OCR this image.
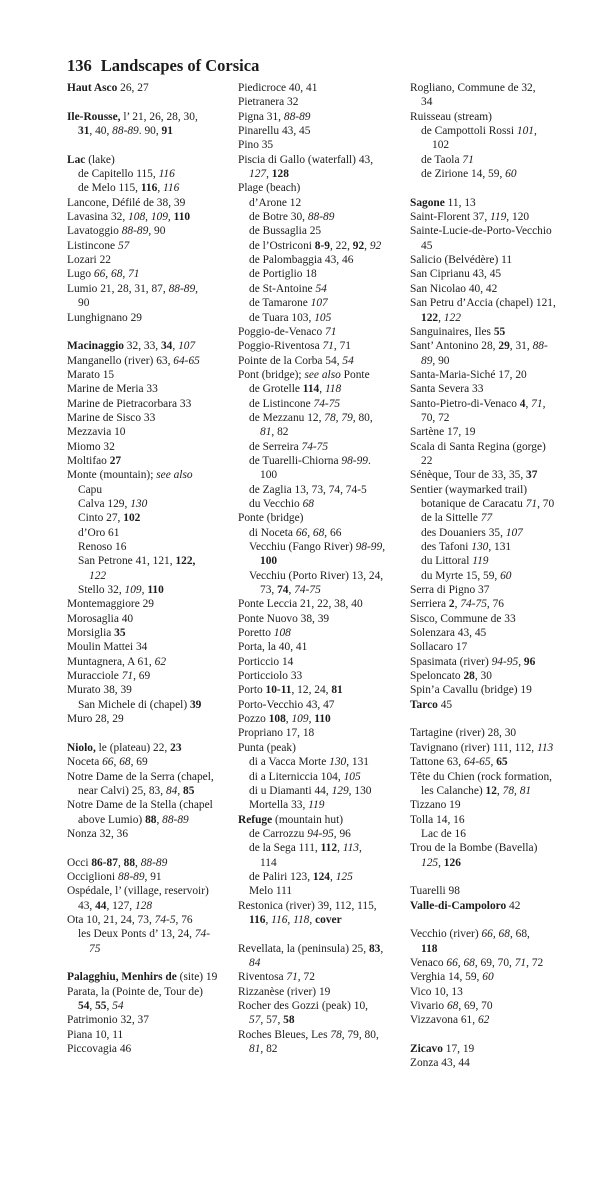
136 Landscapes of Corsica
Haut Asco 26, 27
Ile-Rousse, l’ 21, 26, 28, 30,
31, 40, 88-89. 90, 91
Lac (lake)
de Capitello 115, 116
de Melo 115, 116, 116
Lancone, Défilé de 38, 39
Lavasina 32, 108, 109, 110
Lavatoggio 88-89, 90
Listincone 57
Lozari 22
Lugo 66, 68, 71
Lumio 21, 28, 31, 87, 88-89,
90
Lunghignano 29
Macinaggio 32, 33, 34, 107
Manganello (river) 63, 64-65
Marato 15
Marine de Meria 33
Marine de Pietracorbara 33
Marine de Sisco 33
Mezzavia 10
Miomo 32
Moltifao 27
Monte (mountain); see also
Capu
Calva 129, 130
Cinto 27, 102
d’Oro 61
Renoso 16
San Petrone 41, 121, 122,
122
Stello 32, 109, 110
Montemaggiore 29
Morosaglia 40
Morsiglia 35
Moulin Mattei 34
Muntagnera, A 61, 62
Muracciole 71, 69
Murato 38, 39
San Michele di (chapel) 39
Muro 28, 29
Niolo, le (plateau) 22, 23
Noceta 66, 68, 69
Notre Dame de la Serra (chapel,
near Calvi) 25, 83, 84, 85
Notre Dame de la Stella (chapel
above Lumio) 88, 88-89
Nonza 32, 36
Occi 86-87, 88, 88-89
Occiglioni 88-89, 91
Ospédale, l’ (village, reservoir)
43, 44, 127, 128
Ota 10, 21, 24, 73, 74-5, 76
les Deux Ponts d’ 13, 24, 74-
75
Palagghiu, Menhirs de (site) 19
Parata, la (Pointe de, Tour de)
54, 55, 54
Patrimonio 32, 37
Piana 10, 11
Piccovagia 46
Piedicroce 40, 41
Pietranera 32
Pigna 31, 88-89
Pinarellu 43, 45
Pino 35
Piscia di Gallo (waterfall) 43,
127, 128
Plage (beach)
d’Arone 12
de Botre 30, 88-89
de Bussaglia 25
de l’Ostriconi 8-9, 22, 92, 92
de Palombaggia 43, 46
de Portiglio 18
de St-Antoine 54
de Tamarone 107
de Tuara 103, 105
Poggio-de-Venaco 71
Poggio-Riventosa 71, 71
Pointe de la Corba 54, 54
Pont (bridge); see also Ponte
de Grotelle 114, 118
de Listincone 74-75
de Mezzanu 12, 78, 79, 80,
81, 82
de Serreira 74-75
de Tuarelli-Chiorna 98-99.
100
de Zaglia 13, 73, 74, 74-5
du Vecchio 68
Ponte (bridge)
di Noceta 66, 68, 66
Vecchiu (Fango River) 98-99,
100
Vecchiu (Porto River) 13, 24,
73, 74, 74-75
Ponte Leccia 21, 22, 38, 40
Ponte Nuovo 38, 39
Poretto 108
Porta, la 40, 41
Porticcio 14
Porticciolo 33
Porto 10-11, 12, 24, 81
Porto-Vecchio 43, 47
Pozzo 108, 109, 110
Propriano 17, 18
Punta (peak)
di a Vacca Morte 130, 131
di a Literniccia 104, 105
di u Diamanti 44, 129, 130
Mortella 33, 119
Refuge (mountain hut)
de Carrozzu 94-95, 96
de la Sega 111, 112, 113,
114
de Paliri 123, 124, 125
Melo 111
Restonica (river) 39, 112, 115,
116, 116, 118, cover
Revellata, la (peninsula) 25, 83,
84
Riventosa 71, 72
Rizzanèse (river) 19
Rocher des Gozzi (peak) 10,
57, 57, 58
Roches Bleues, Les 78, 79, 80,
81, 82
Rogliano, Commune de 32,
34
Ruisseau (stream)
de Campottoli Rossi 101,
102
de Taola 71
de Zirione 14, 59, 60
Sagone 11, 13
Saint-Florent 37, 119, 120
Sainte-Lucie-de-Porto-Vecchio
45
Salicio (Belvédère) 11
San Ciprianu 43, 45
San Nicolao 40, 42
San Petru d’Accia (chapel) 121,
122, 122
Sanguinaires, Iles 55
Sant’ Antonino 28, 29, 31, 88-
89, 90
Santa-Maria-Siché 17, 20
Santa Severa 33
Santo-Pietro-di-Venaco 4, 71,
70, 72
Sartène 17, 19
Scala di Santa Regina (gorge)
22
Sénèque, Tour de 33, 35, 37
Sentier (waymarked trail)
botanique de Caracatu 71, 70
de la Sittelle 77
des Douaniers 35, 107
des Tafoni 130, 131
du Littoral 119
du Myrte 15, 59, 60
Serra di Pigno 37
Serriera 2, 74-75, 76
Sisco, Commune de 33
Solenzara 43, 45
Sollacaro 17
Spasimata (river) 94-95, 96
Speloncato 28, 30
Spin’a Cavallu (bridge) 19
Tarco 45
Tartagine (river) 28, 30
Tavignano (river) 111, 112, 113
Tattone 63, 64-65, 65
Tête du Chien (rock formation,
les Calanche) 12, 78, 81
Tizzano 19
Tolla 14, 16
Lac de 16
Trou de la Bombe (Bavella)
125, 126
Tuarelli 98
Valle-di-Campoloro 42
Vecchio (river) 66, 68, 68,
118
Venaco 66, 68, 69, 70, 71, 72
Verghia 14, 59, 60
Vico 10, 13
Vivario 68, 69, 70
Vizzavona 61, 62
Zicavo 17, 19
Zonza 43, 44
